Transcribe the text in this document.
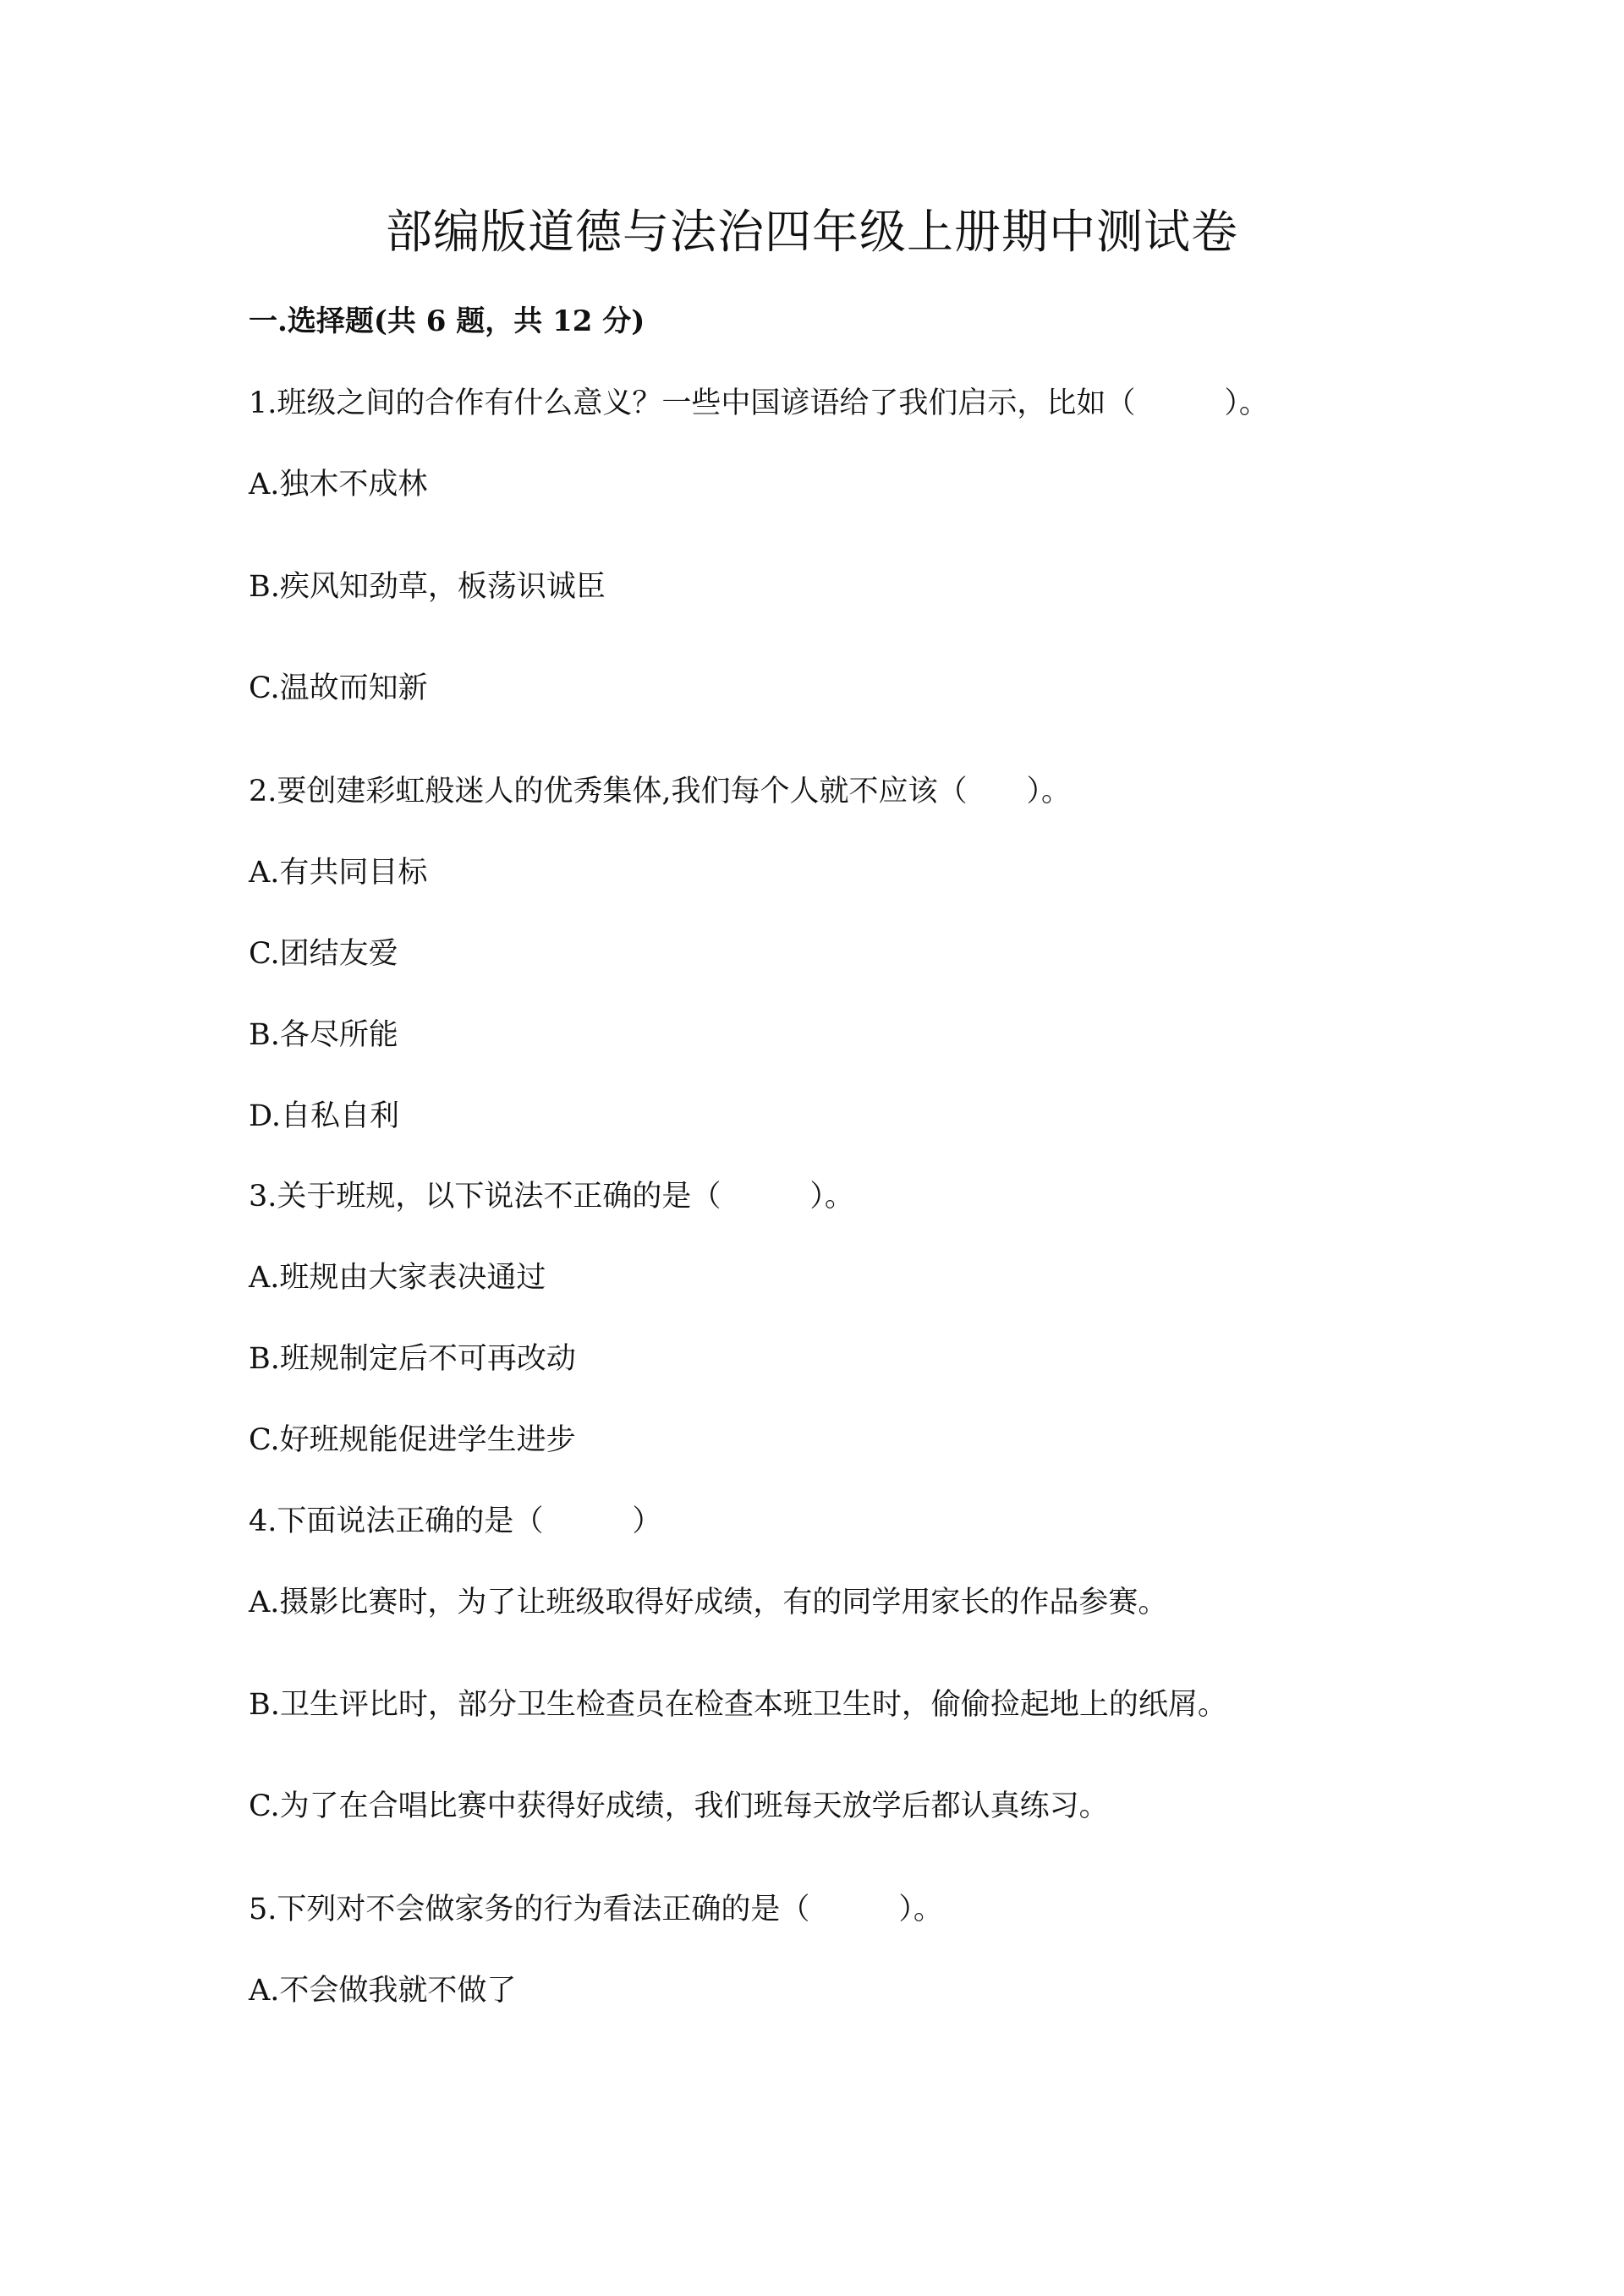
部编版道德与法治四年级上册期中测试卷
一.选择题(共 6 题，共 12 分)
1.班级之间的合作有什么意义？一些中国谚语给了我们启示，比如（　　　）。
A.独木不成林
B.疾风知劲草，板荡识诚臣
C.温故而知新
2.要创建彩虹般迷人的优秀集体,我们每个人就不应该（　　）。
A.有共同目标
C.团结友爱
B.各尽所能
D.自私自利
3.关于班规，以下说法不正确的是（　　　）。
A.班规由大家表决通过
B.班规制定后不可再改动
C.好班规能促进学生进步
4.下面说法正确的是（　　　）
A.摄影比赛时，为了让班级取得好成绩，有的同学用家长的作品参赛。
B.卫生评比时，部分卫生检查员在检查本班卫生时，偷偷捡起地上的纸屑。
C.为了在合唱比赛中获得好成绩，我们班每天放学后都认真练习。
5.下列对不会做家务的行为看法正确的是（　　　）。
A.不会做我就不做了
